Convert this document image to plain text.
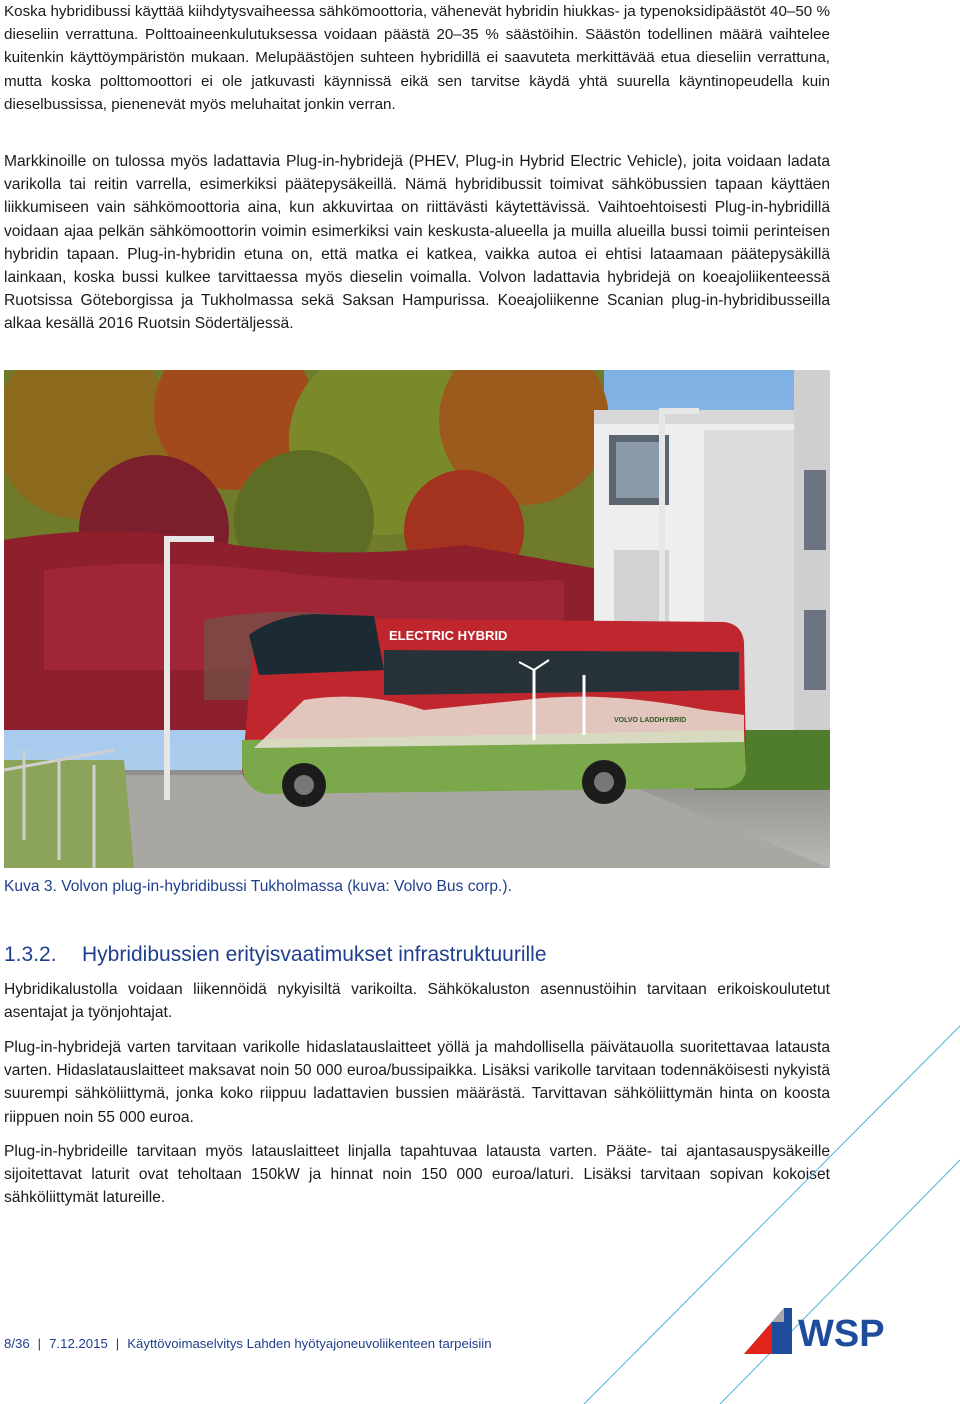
Koska hybridibussi käyttää kiihdytysvaiheessa sähkömoottoria, vähenevät hybridin hiukkas- ja typenoksidipäästöt 40–50 % dieseliin verrattuna. Polttoaineenkulutuksessa voidaan päästä 20–35 % säästöihin. Säästön todellinen määrä vaihtelee kuitenkin käyttöympäristön mukaan. Melupäästöjen suhteen hybridillä ei saavuteta merkittävää etua dieseliin verrattuna, mutta koska polttomoottori ei ole jatkuvasti käynnissä eikä sen tarvitse käydä yhtä suurella käyntinopeudella kuin dieselbussissa, pienenevät myös meluhaitat jonkin verran.

Markkinoille on tulossa myös ladattavia Plug-in-hybridejä (PHEV, Plug-in Hybrid Electric Vehicle), joita voidaan ladata varikolla tai reitin varrella, esimerkiksi päätepysäkeillä. Nämä hybridibussit toimivat sähköbussien tapaan käyttäen liikkumiseen vain sähkömoottoria aina, kun akkuvirtaa on riittävästi käytettävissä. Vaihtoehtoisesti Plug-in-hybridillä voidaan ajaa pelkän sähkömoottorin voimin esimerkiksi vain keskusta-alueella ja muilla alueilla bussi toimii perinteisen hybridin tapaan. Plug-in-hybridin etuna on, että matka ei katkea, vaikka autoa ei ehtisi lataamaan päätepysäkillä lainkaan, koska bussi kulkee tarvittaessa myös dieselin voimalla. Volvon ladattavia hybridejä on koeajoliikenteessä Ruotsissa Göteborgissa ja Tukholmassa sekä Saksan Hampurissa. Koeajoliikenne Scanian plug-in-hybridibusseilla alkaa kesällä 2016 Ruotsin Södertäljessä.

ELECTRIC HYBRID
VOLVO LADDHYBRID

Kuva 3. Volvon plug-in-hybridibussi Tukholmassa (kuva: Volvo Bus corp.).

1.3.2. Hybridibussien erityisvaatimukset infrastruktuurille

Hybridikalustolla voidaan liikennöidä nykyisiltä varikoilta. Sähkökaluston asennustöihin tarvitaan erikoiskoulutetut asentajat ja työnjohtajat.

Plug-in-hybridejä varten tarvitaan varikolle hidaslatauslaitteet yöllä ja mahdollisella päivätauolla suoritettavaa latausta varten. Hidaslatauslaitteet maksavat noin 50 000 euroa/bussipaikka. Lisäksi varikolle tarvitaan todennäköisesti nykyistä suurempi sähköliittymä, jonka koko riippuu ladattavien bussien määrästä. Tarvittavan sähköliittymän hinta on koosta riippuen noin 55 000 euroa.

Plug-in-hybrideille tarvitaan myös latauslaitteet linjalla tapahtuvaa latausta varten. Pääte- tai ajantasauspysäkeille sijoitettavat laturit ovat teholtaan 150kW ja hinnat noin 150 000 euroa/laturi. Lisäksi tarvitaan sopivan kokoiset sähköliittymät latureille.

8/36 | 7.12.2015 | Käyttövoimaselvitys Lahden hyötyajoneuvoliikenteen tarpeisiin	WSP
